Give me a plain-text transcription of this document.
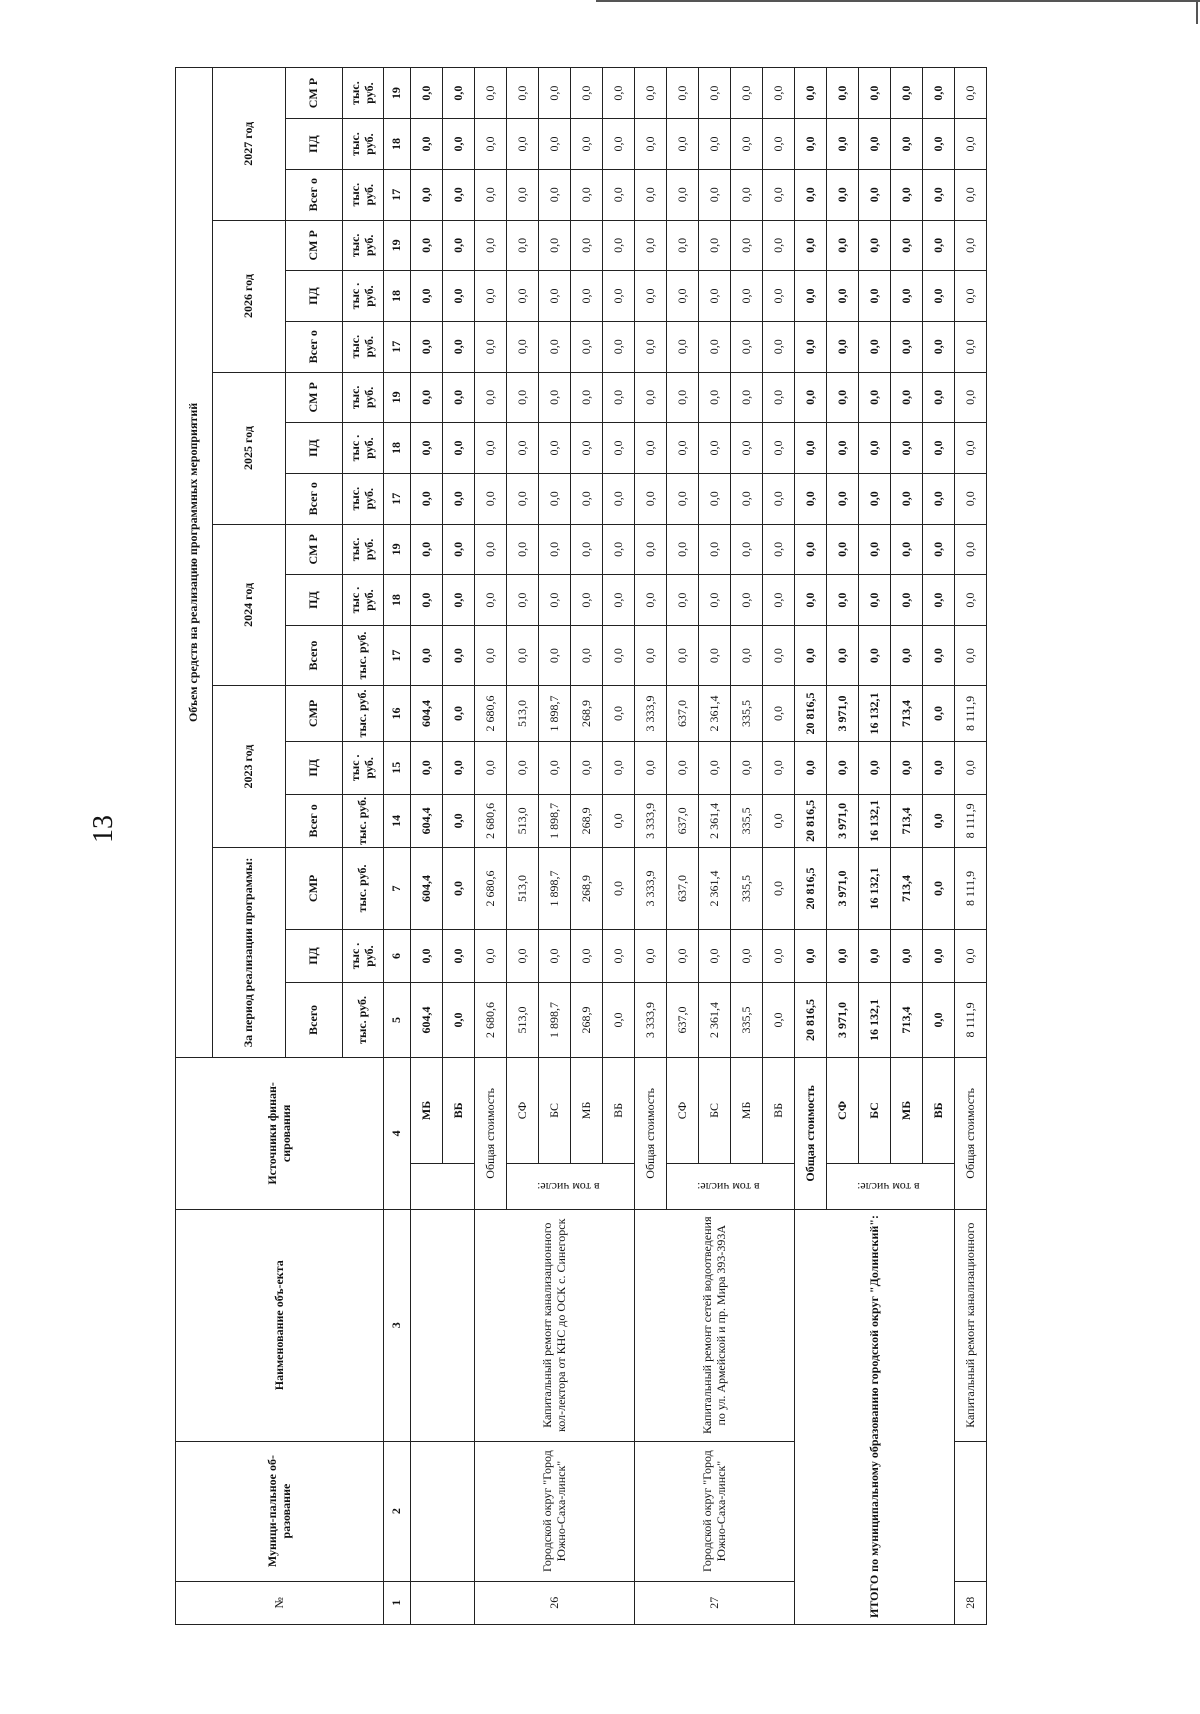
13
№	Муници-пальное об-разование	Наименование объ-екта	Источники финан-сирования		Объем средств на реализацию программных мероприятий																	
					За период реализации программы:			2023 год			2024 год			2025 год			2026 год			2027 год		
					Всего	ПД	СМР	Всег о	ПД	СМР	Всего	ПД	СМ Р	Всег о	ПД	СМ Р	Всег о	ПД	СМ Р	Всег о	ПД	СМ Р
					тыс. руб.	тыс . руб.	тыс. руб.	тыс. руб.	тыс . руб.	тыс. руб.	тыс. руб.	тыс . руб.	тыс. руб.	тыс. руб.	тыс . руб.	тыс. руб.	тыс. руб.	тыс . руб.	тыс. руб.	тыс. руб.	тыс. руб.	тыс. руб.
1	2	3	4		5	6	7	14	15	16	17	18	19	17	18	19	17	18	19	17	18	19
				МБ	604,4	0,0	604,4	604,4	0,0	604,4	0,0	0,0	0,0	0,0	0,0	0,0	0,0	0,0	0,0	0,0	0,0	0,0
				ВБ	0,0	0,0	0,0	0,0	0,0	0,0	0,0	0,0	0,0	0,0	0,0	0,0	0,0	0,0	0,0	0,0	0,0	0,0
26	Городской округ "Город Южно-Саха-линск"	Капитальный ремонт канализационного кол-лектора от КНС до ОСК с. Синегорск	Общая стоимость		2 680,6	0,0	2 680,6	2 680,6	0,0	2 680,6	0,0	0,0	0,0	0,0	0,0	0,0	0,0	0,0	0,0	0,0	0,0	0,0
			в том числе:	СФ	513,0	0,0	513,0	513,0	0,0	513,0	0,0	0,0	0,0	0,0	0,0	0,0	0,0	0,0	0,0	0,0	0,0	0,0
				БС	1 898,7	0,0	1 898,7	1 898,7	0,0	1 898,7	0,0	0,0	0,0	0,0	0,0	0,0	0,0	0,0	0,0	0,0	0,0	0,0
				МБ	268,9	0,0	268,9	268,9	0,0	268,9	0,0	0,0	0,0	0,0	0,0	0,0	0,0	0,0	0,0	0,0	0,0	0,0
				ВБ	0,0	0,0	0,0	0,0	0,0	0,0	0,0	0,0	0,0	0,0	0,0	0,0	0,0	0,0	0,0	0,0	0,0	0,0
27	Городской округ "Город Южно-Саха-линск"	Капитальный ремонт сетей водоотведения по ул. Армейской и пр. Мира 393-393А	Общая стоимость		3 333,9	0,0	3 333,9	3 333,9	0,0	3 333,9	0,0	0,0	0,0	0,0	0,0	0,0	0,0	0,0	0,0	0,0	0,0	0,0
			в том числе:	СФ	637,0	0,0	637,0	637,0	0,0	637,0	0,0	0,0	0,0	0,0	0,0	0,0	0,0	0,0	0,0	0,0	0,0	0,0
				БС	2 361,4	0,0	2 361,4	2 361,4	0,0	2 361,4	0,0	0,0	0,0	0,0	0,0	0,0	0,0	0,0	0,0	0,0	0,0	0,0
				МБ	335,5	0,0	335,5	335,5	0,0	335,5	0,0	0,0	0,0	0,0	0,0	0,0	0,0	0,0	0,0	0,0	0,0	0,0
				ВБ	0,0	0,0	0,0	0,0	0,0	0,0	0,0	0,0	0,0	0,0	0,0	0,0	0,0	0,0	0,0	0,0	0,0	0,0
ИТОГО по муниципальному образованию городской округ "Долинский":			Общая стоимость		20 816,5	0,0	20 816,5	20 816,5	0,0	20 816,5	0,0	0,0	0,0	0,0	0,0	0,0	0,0	0,0	0,0	0,0	0,0	0,0
			в том числе:	СФ	3 971,0	0,0	3 971,0	3 971,0	0,0	3 971,0	0,0	0,0	0,0	0,0	0,0	0,0	0,0	0,0	0,0	0,0	0,0	0,0
				БС	16 132,1	0,0	16 132,1	16 132,1	0,0	16 132,1	0,0	0,0	0,0	0,0	0,0	0,0	0,0	0,0	0,0	0,0	0,0	0,0
				МБ	713,4	0,0	713,4	713,4	0,0	713,4	0,0	0,0	0,0	0,0	0,0	0,0	0,0	0,0	0,0	0,0	0,0	0,0
				ВБ	0,0	0,0	0,0	0,0	0,0	0,0	0,0	0,0	0,0	0,0	0,0	0,0	0,0	0,0	0,0	0,0	0,0	0,0
28		Капитальный ремонт канализационного	Общая стоимость		8 111,9	0,0	8 111,9	8 111,9	0,0	8 111,9	0,0	0,0	0,0	0,0	0,0	0,0	0,0	0,0	0,0	0,0	0,0	0,0
